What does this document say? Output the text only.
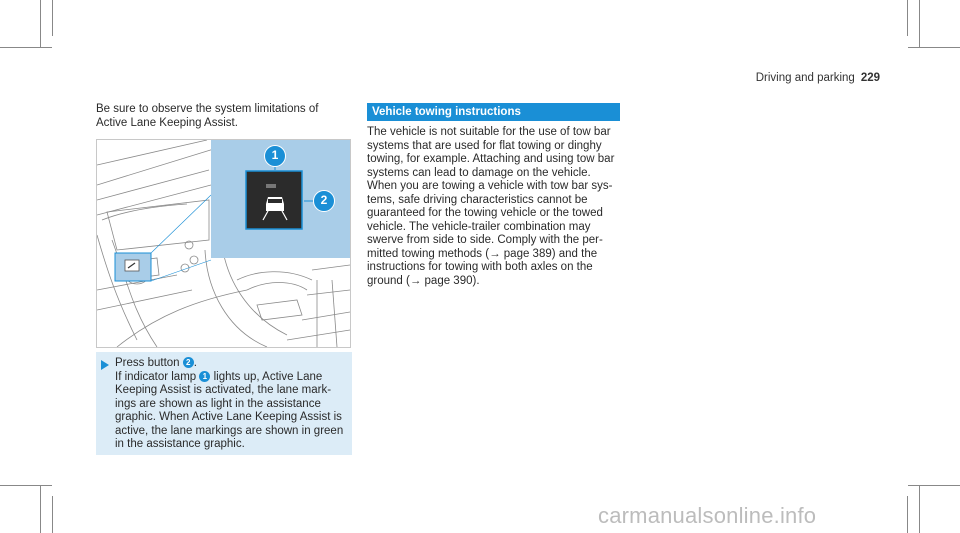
Driving and parking 229
Be sure to observe the system limitations of Active Lane Keeping Assist.
1
2
Press button 2 .
If indicator lamp 1 lights up, Active Lane
Keeping Assist is activated, the lane mark-
ings are shown as light in the assistance
graphic. When Active Lane Keeping Assist is
active, the lane markings are shown in green
in the assistance graphic.
Vehicle towing instructions
The vehicle is not suitable for the use of tow bar
systems that are used for flat towing or dinghy
towing, for example. Attaching and using tow bar
systems can lead to damage on the vehicle.
When you are towing a vehicle with tow bar sys-
tems, safe driving characteristics cannot be
guaranteed for the towing vehicle or the towed
vehicle. The vehicle-trailer combination may
swerve from side to side. Comply with the per-
mitted towing methods (→ page 389) and the
instructions for towing with both axles on the
ground (→ page 390).
carmanualsonline.info
